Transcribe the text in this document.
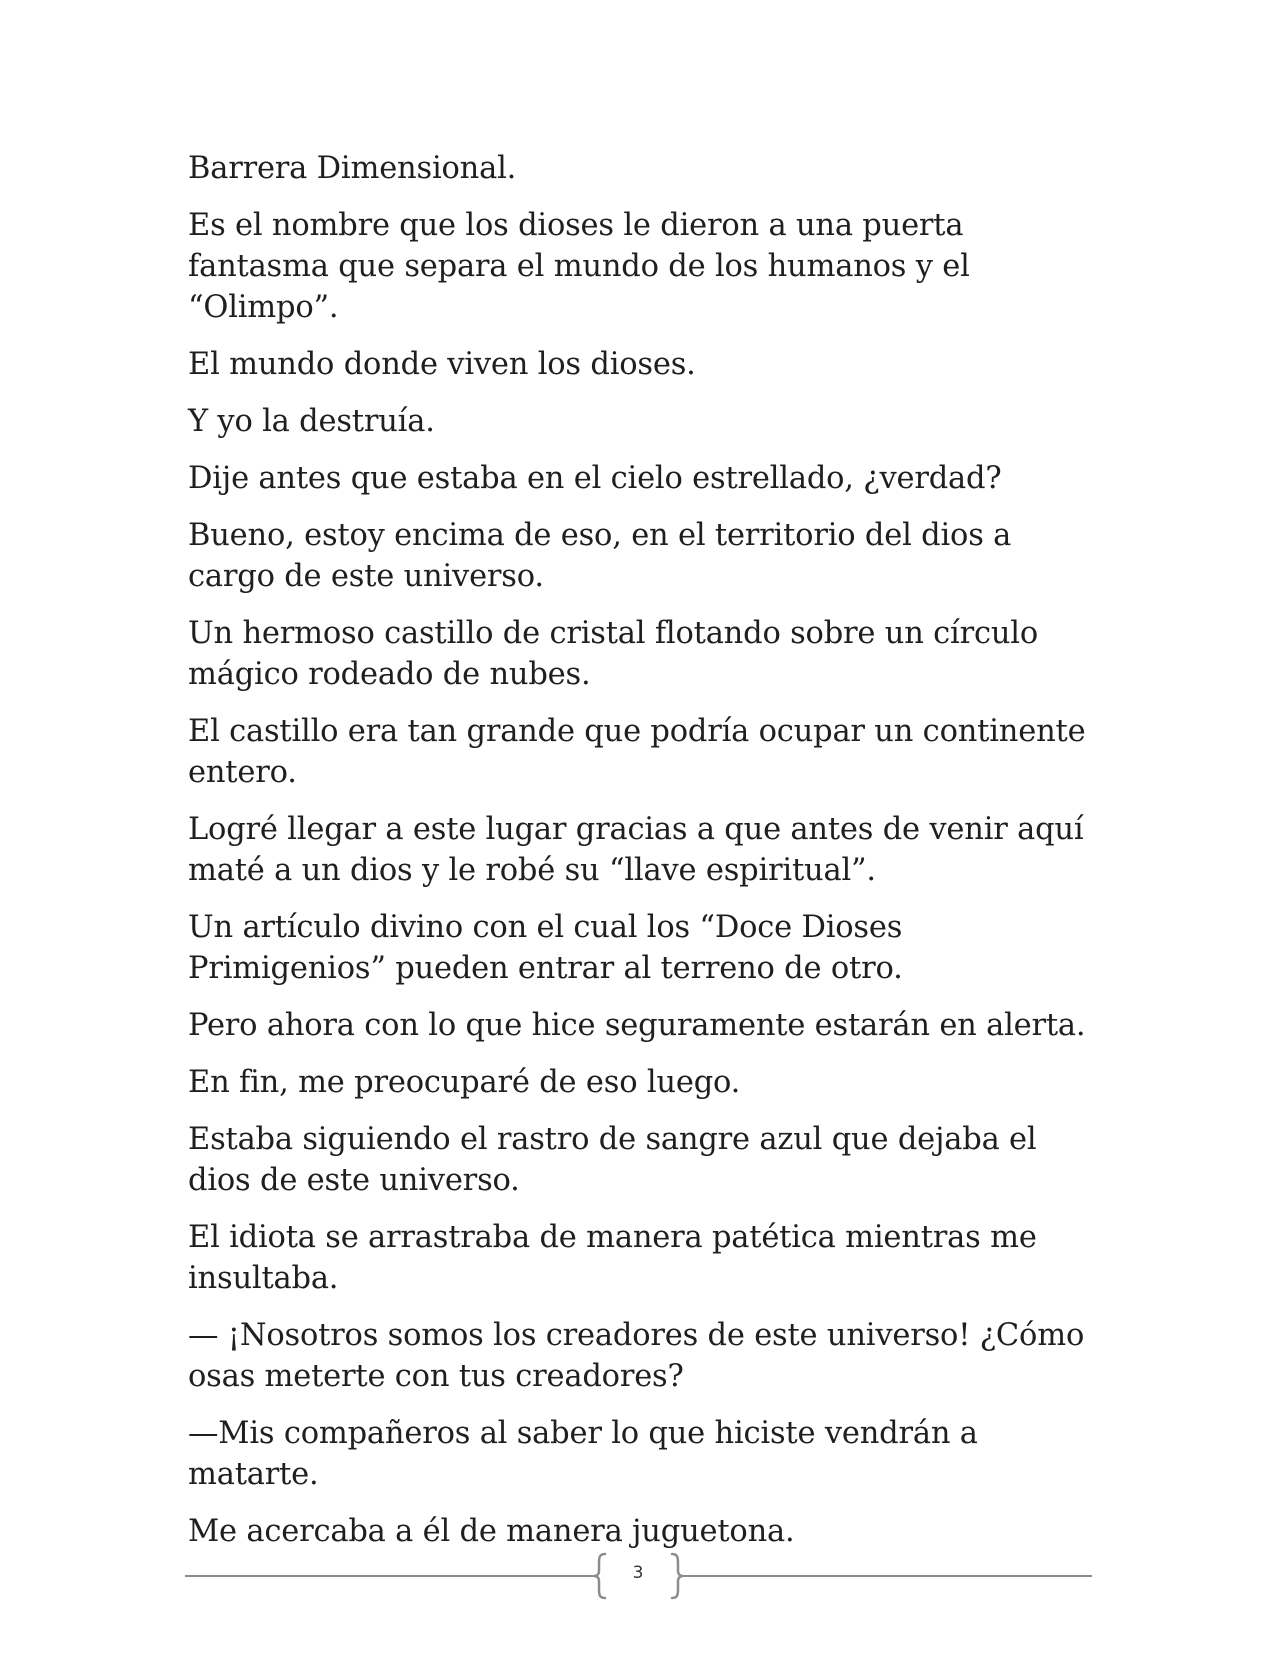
Barrera Dimensional.

Es el nombre que los dioses le dieron a una puerta fantasma que separa el mundo de los humanos y el “Olimpo”.

El mundo donde viven los dioses.

Y yo la destruía.

Dije antes que estaba en el cielo estrellado, ¿verdad?

Bueno, estoy encima de eso, en el territorio del dios a cargo de este universo.

Un hermoso castillo de cristal flotando sobre un círculo mágico rodeado de nubes.

El castillo era tan grande que podría ocupar un continente entero.

Logré llegar a este lugar gracias a que antes de venir aquí maté a un dios y le robé su “llave espiritual”.

Un artículo divino con el cual los “Doce Dioses Primigenios” pueden entrar al terreno de otro.

Pero ahora con lo que hice seguramente estarán en alerta.

En fin, me preocuparé de eso luego.

Estaba siguiendo el rastro de sangre azul que dejaba el dios de este universo.

El idiota se arrastraba de manera patética mientras me insultaba.

— ¡Nosotros somos los creadores de este universo! ¿Cómo osas meterte con tus creadores?

—Mis compañeros al saber lo que hiciste vendrán a matarte.

Me acercaba a él de manera juguetona.

3
